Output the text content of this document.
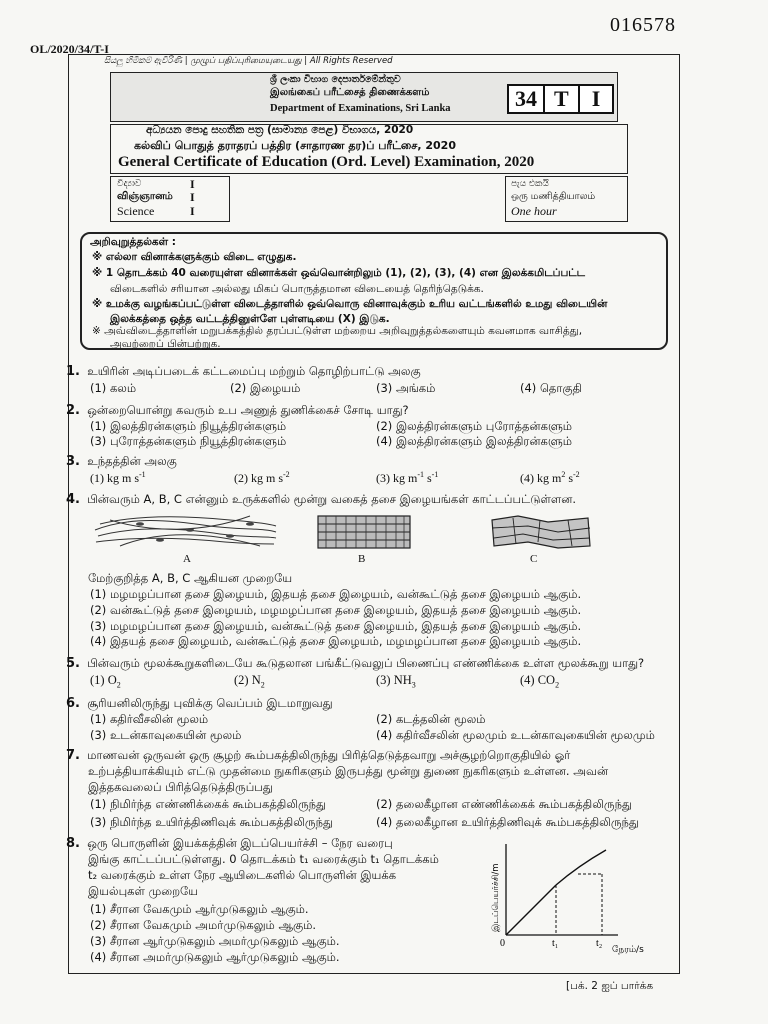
016578
OL/2020/34/T-I
සියලු හිමිකම් ඇවිරිණි | முழுப் பதிப்புரிமையுடையது | All Rights Reserved
ශ්‍රී ලංකා විභාග දෙපාර්තමේන්තුව
இலங்கைப் பரீட்சைத் திணைக்களம்
Department of Examinations, Sri Lanka	34 T	I
අධ්‍යයන පොදු සහතික පත්‍ර (සාමාන්‍ය පෙළ) විභාගය, 2020
கல்விப் பொதுத் தராதரப் பத்திர (சாதாரண தர)ப் பரீட்சை, 2020
General Certificate of Education (Ord. Level) Examination, 2020
විද්‍යාව
விஞ்ஞானம்
Science
I
I
I
පැය එකයි
ஒரு மணித்தியாலம்
One hour
அறிவுறுத்தல்கள் :
※ எல்லா வினாக்களுக்கும் விடை எழுதுக.
※ 1 தொடக்கம் 40 வரையுள்ள வினாக்கள் ஒவ்வொன்றிலும் (1), (2), (3), (4) என இலக்கமிடப்பட்ட
விடைகளில் சரியான அல்லது மிகப் பொருத்தமான விடையைத் தெரிந்தெடுக்க.
※ உமக்கு வழங்கப்பட்டுள்ள விடைத்தாளில் ஒவ்வொரு வினாவுக்கும் உரிய வட்டங்களில் உமது விடையின்
இலக்கத்தை ஒத்த வட்டத்தினுள்ளே புள்ளடியை (X) இடுக.
※ அவ்விடைத்தாளின் மறுபக்கத்தில் தரப்பட்டுள்ள மற்றைய அறிவுறுத்தல்களையும் கவனமாக வாசித்து,
அவற்றைப் பின்பற்றுக.
1. உயிரின் அடிப்படைக் கட்டமைப்பு மற்றும் தொழிற்பாட்டு அலகு
(1) கலம்	(2) இழையம்	(3) அங்கம்	(4) தொகுதி
2. ஒன்றையொன்று கவரும் உப அணுத் துணிக்கைச் சோடி யாது?
(1) இலத்திரன்களும் நியூத்திரன்களும்	(2) இலத்திரன்களும் புரோத்தன்களும்
(3) புரோத்தன்களும் நியூத்திரன்களும்	(4) இலத்திரன்களும் இலத்திரன்களும்
3. உந்தத்தின் அலகு
(1) kg m $s^{-1}$	(2) kg m $s^{-2}$	(3) kg $m^{-1}$ $s^{-1}$	(4) kg $m^2$ $s^{-2}$
4. பின்வரும் A, B, C என்னும் உருக்களில் மூன்று வகைத் தசை இழையங்கள் காட்டப்பட்டுள்ளன.
A	B	C
மேற்குறித்த A, B, C ஆகியன முறையே
(1) மழமழப்பான தசை இழையம், இதயத் தசை இழையம், வன்கூட்டுத் தசை இழையம் ஆகும்.
(2) வன்கூட்டுத் தசை இழையம், மழமழப்பான தசை இழையம், இதயத் தசை இழையம் ஆகும்.
(3) மழமழப்பான தசை இழையம், வன்கூட்டுத் தசை இழையம், இதயத் தசை இழையம் ஆகும்.
(4) இதயத் தசை இழையம், வன்கூட்டுத் தசை இழையம், மழமழப்பான தசை இழையம் ஆகும்.
5. பின்வரும் மூலக்கூறுகளிடையே கூடுதலான பங்கீட்டுவலுப் பிணைப்பு எண்ணிக்கை உள்ள மூலக்கூறு யாது?
(1) $O_2$	(2) $N_2$	(3) $NH_3$	(4) $CO_2$
6. சூரியனிலிருந்து புவிக்கு வெப்பம் இடமாறுவது
(1) கதிர்வீசலின் மூலம்	(2) கடத்தலின் மூலம்
(3) உடன்காவுகையின் மூலம்	(4) கதிர்வீசலின் மூலமும் உடன்காவுகையின் மூலமும்
7. மாணவன் ஒருவன் ஒரு சூழற் கூம்பகத்திலிருந்து பிரித்தெடுத்தவாறு அச்சூழற்றொகுதியில் ஓர்
உற்பத்தியாக்கியும் எட்டு முதன்மை நுகரிகளும் இருபத்து மூன்று துணை நுகரிகளும் உள்ளன. அவன்
இத்தகவலைப் பிரித்தெடுத்திருப்பது
(1) நிமிர்ந்த எண்ணிக்கைக் கூம்பகத்திலிருந்து	(2) தலைகீழான எண்ணிக்கைக் கூம்பகத்திலிருந்து
(3) நிமிர்ந்த உயிர்த்திணிவுக் கூம்பகத்திலிருந்து	(4) தலைகீழான உயிர்த்திணிவுக் கூம்பகத்திலிருந்து
8. ஒரு பொருளின் இயக்கத்தின் இடப்பெயர்ச்சி – நேர வரைபு
இங்கு காட்டப்பட்டுள்ளது. 0 தொடக்கம் t₁ வரைக்கும் t₁ தொடக்கம்
t₂ வரைக்கும் உள்ள நேர ஆயிடைகளில் பொருளின் இயக்க
இயல்புகள் முறையே
(1) சீரான வேகமும் ஆர்முடுகலும் ஆகும்.
(2) சீரான வேகமும் அமர்முடுகலும் ஆகும்.
(3) சீரான ஆர்முடுகலும் அமர்முடுகலும் ஆகும்.
(4) சீரான அமர்முடுகலும் ஆர்முடுகலும் ஆகும்.
0	t₁	t₂
நேரம்/s
இடப்பெயர்ச்சி/m
[பக். 2 ஐப் பார்க்க
